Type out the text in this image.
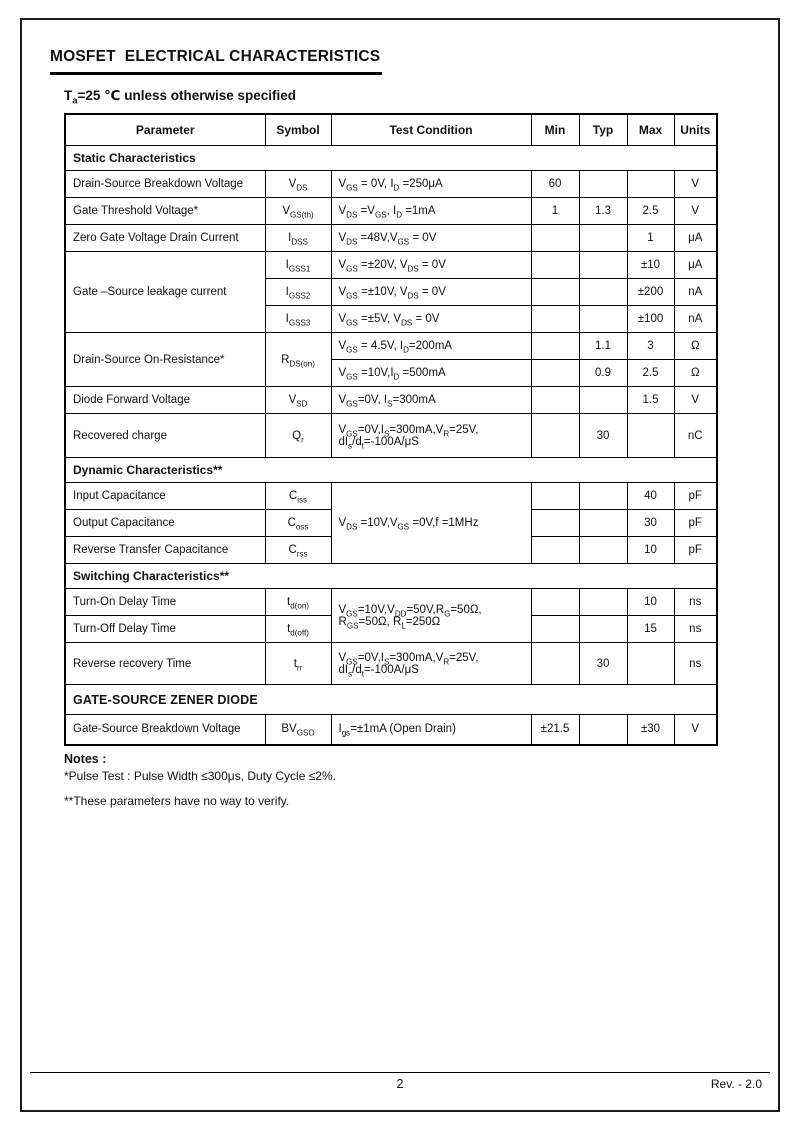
MOSFET  ELECTRICAL CHARACTERISTICS
$T_a=25$ ℃ unless otherwise specified
Parameter	Symbol	Test Condition	Min	Typ	Max	Units
Static Characteristics						
Drain-Source Breakdown Voltage	$V_{DS}$	$V_{GS} = 0V$, $I_D =250\mu A$	60			V
Gate Threshold Voltage*	$V_{GS(th)}$	$V_{DS} =V_{GS}$, $I_D =1mA$	1	1.3	2.5	V
Zero Gate Voltage Drain Current	$I_{DSS}$	$V_{DS} =48V,V_{GS} = 0V$			1	μA
Gate –Source leakage current	$I_{GSS1}$	$V_{GS} =\pm 20V$, $V_{DS} = 0V$			±10	μA
	$I_{GSS2}$	$V_{GS} =\pm 10V$, $V_{DS} = 0V$			±200	nA
	$I_{GSS3}$	$V_{GS} =\pm 5V$, $V_{DS} = 0V$			±100	nA
Drain-Source On-Resistance*	$R_{DS(on)}$	$V_{GS} = 4.5V$, $I_D=200mA$		1.1	3	Ω
		$V_{GS} =10V,I_D =500mA$		0.9	2.5	Ω
Diode Forward Voltage	$V_{SD}$	$V_{GS}=0V$, $I_S=300mA$			1.5	V
Recovered charge	$Q_r$	$V_{GS}=0V,I_S=300mA,V_R=25V$,
$dI_s/d_t=-100A/\mu S$		30		nC
Dynamic Characteristics**						
Input Capacitance	$C_{iss}$	$V_{DS} =10V,V_{GS} =0V,f =1MHz$			40	pF
Output Capacitance	$C_{oss}$				30	pF
Reverse Transfer Capacitance	$C_{rss}$				10	pF
Switching Characteristics**						
Turn-On Delay Time	$t_{d(on)}$	$V_{GS}=10V,V_{DD}=50V,R_G=50\Omega$,
$R_{GS}=50\Omega$, $R_L=250\Omega$			10	ns
Turn-Off Delay Time	$t_{d(off)}$				15	ns
Reverse recovery Time	$t_{rr}$	$V_{GS}=0V,I_S=300mA,V_R=25V$,
$dI_s/d_t=-100A/\mu S$		30		ns
GATE-SOURCE ZENER DIODE						
Gate-Source Breakdown Voltage	$BV_{GSO}$	$I_{gs}=\pm 1mA$ (Open Drain)	±21.5		±30	V
Notes :
*Pulse Test : Pulse Width ≤300μs, Duty Cycle ≤2%.
**These parameters have no way to verify.
2	Rev. - 2.0
